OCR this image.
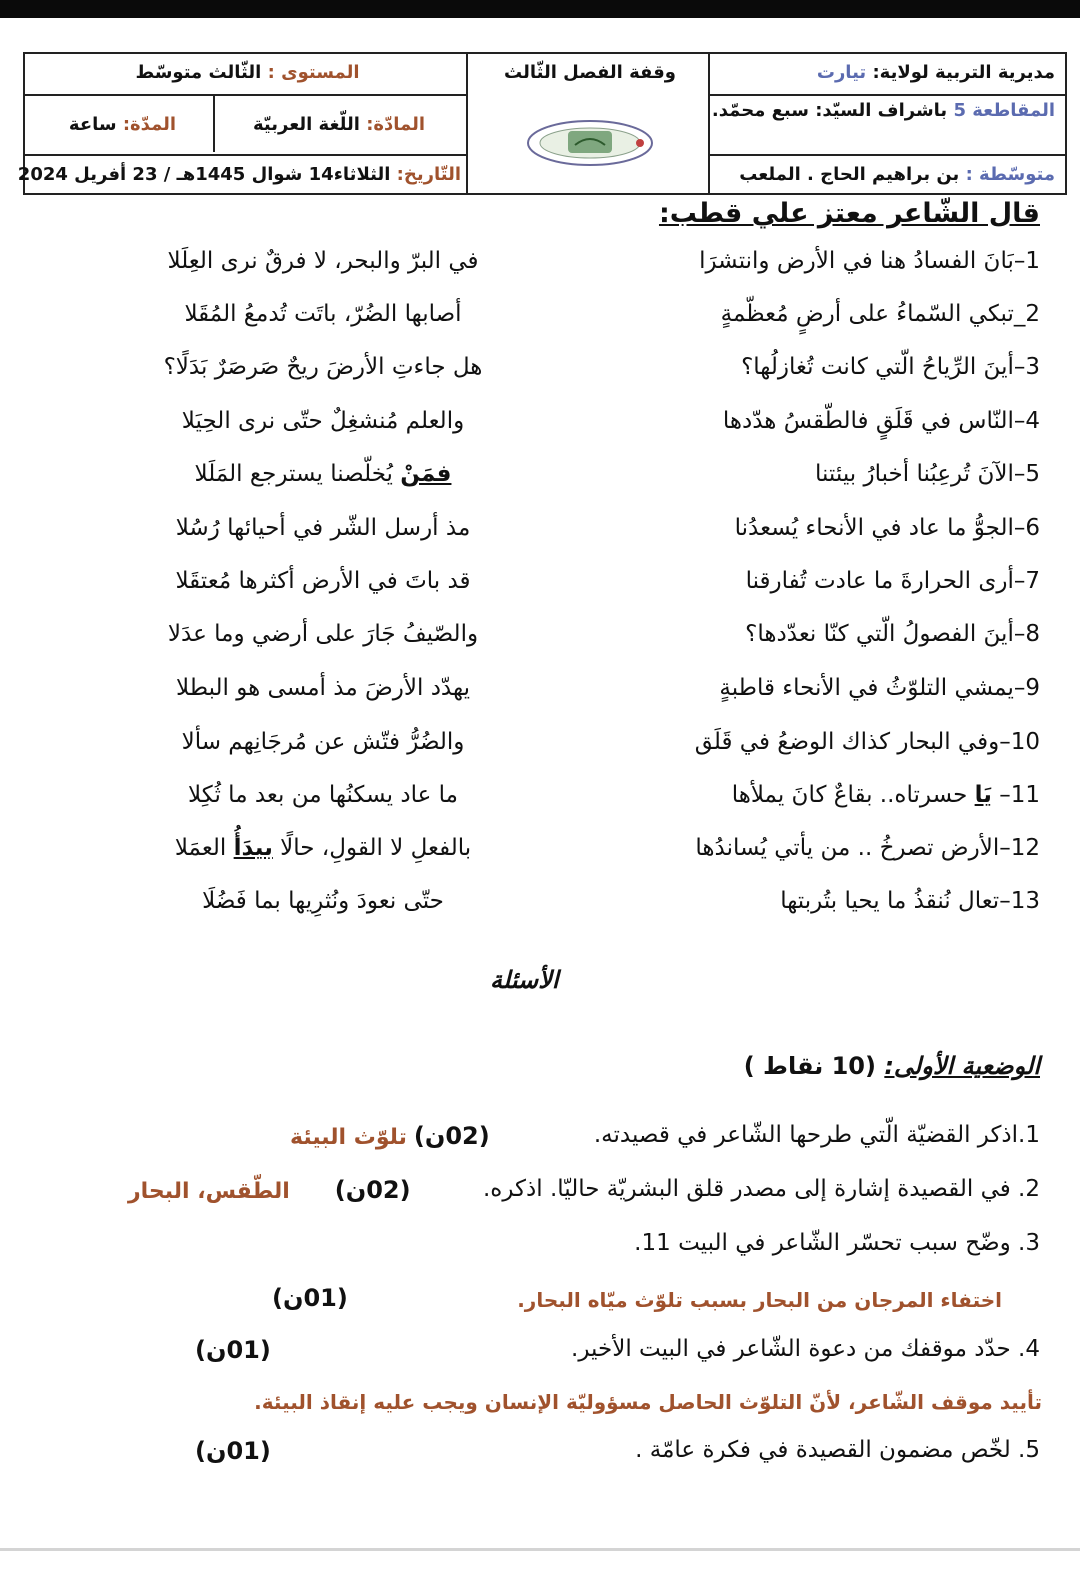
مديرية التربية لولاية: تيارت
المقاطعة 5 باشراف السيّد: سبع محمّد.
متوسّطة : بن براهيم الحاج . الملعب
وقفة الفصل الثّالث
المستوى : الثّالث متوسّط
المادّة: اللّغة العربيّة
المدّة: ساعة
التّاريخ: الثلاثاء14 شوال 1445هـ / 23 أفريل 2024
قال الشّاعر معتز علي قطب:
1–بَانَ الفسادُ هنا في الأرض وانتشرَا
في البرّ والبحر، لا فرقٌ نرى العِلَلا
2_تبكي السّماءُ على أرضٍ مُعظّمةٍ
أصابها الضُرّ، باتَت تُدمعُ المُقَلا
3–أينَ الرِّياحُ الّتي كانت تُغازلُها؟
هل جاءتِ الأرضَ ريحٌ صَرصَرٌ بَدَلًا؟
4–النّاس في قَلَقٍ فالطّقسُ هدّدها
والعلم مُنشغِلٌ حتّى نرى الحِيَلا
5–الآنَ تُرعِبُنا أخبارُ بيئتنا
فمَنْ يُخلّصنا يسترجع المَلَلا
6–الجوُّ ما عاد في الأنحاء يُسعدُنا
مذ أرسل الشّر في أحيائها رُسُلا
7–أرى الحرارةَ ما عادت تُفارقنا
قد باتَ في الأرض أكثرها مُعتقَلا
8–أينَ الفصولُ الّتي كنّا نعدّدها؟
والصّيفُ جَارَ على أرضي وما عدَلا
9–يمشي التلوّثُ في الأنحاء قاطبةٍ
يهدّد الأرضَ مذ أمسى هو البطلا
10–وفي البحار كذاك الوضعُ في قَلَق
والضُرُّ فتّش عن مُرجَانِهم سألا
11– يَا حسرتاه.. بقاعٌ كانَ يملأها
ما عاد يسكنُها من بعد ما ثُكِلا
12–الأرض تصرخُ .. من يأتي يُساندُها
بالفعلِ لا القولِ، حالًا بيدَأُ العمَلا
13–تعال نُنقذُ ما يحيا بتُربتها
حتّى نعودَ ونُثرِيها بما فَضُلَا
الأسئلة
الوضعية الأولى: (10 نقاط )
1.اذكر القضيّة الّتي طرحها الشّاعر في قصيدته.
(02ن) تلوّث البيئة
2. في القصيدة إشارة إلى مصدر قلق البشريّة حاليّا. اذكره.
(02ن) الطّقس، البحار
3. وضّح سبب تحسّر الشّاعر في البيت 11.
اختفاء المرجان من البحار بسبب تلوّث ميّاه البحار.
(01ن)
4. حدّد موقفك من دعوة الشّاعر في البيت الأخير.
(01ن)
تأييد موقف الشّاعر، لأنّ التلوّث الحاصل مسؤوليّة الإنسان ويجب عليه إنقاذ البيئة.
5. لخّص مضمون القصيدة في فكرة عامّة .
(01ن)
